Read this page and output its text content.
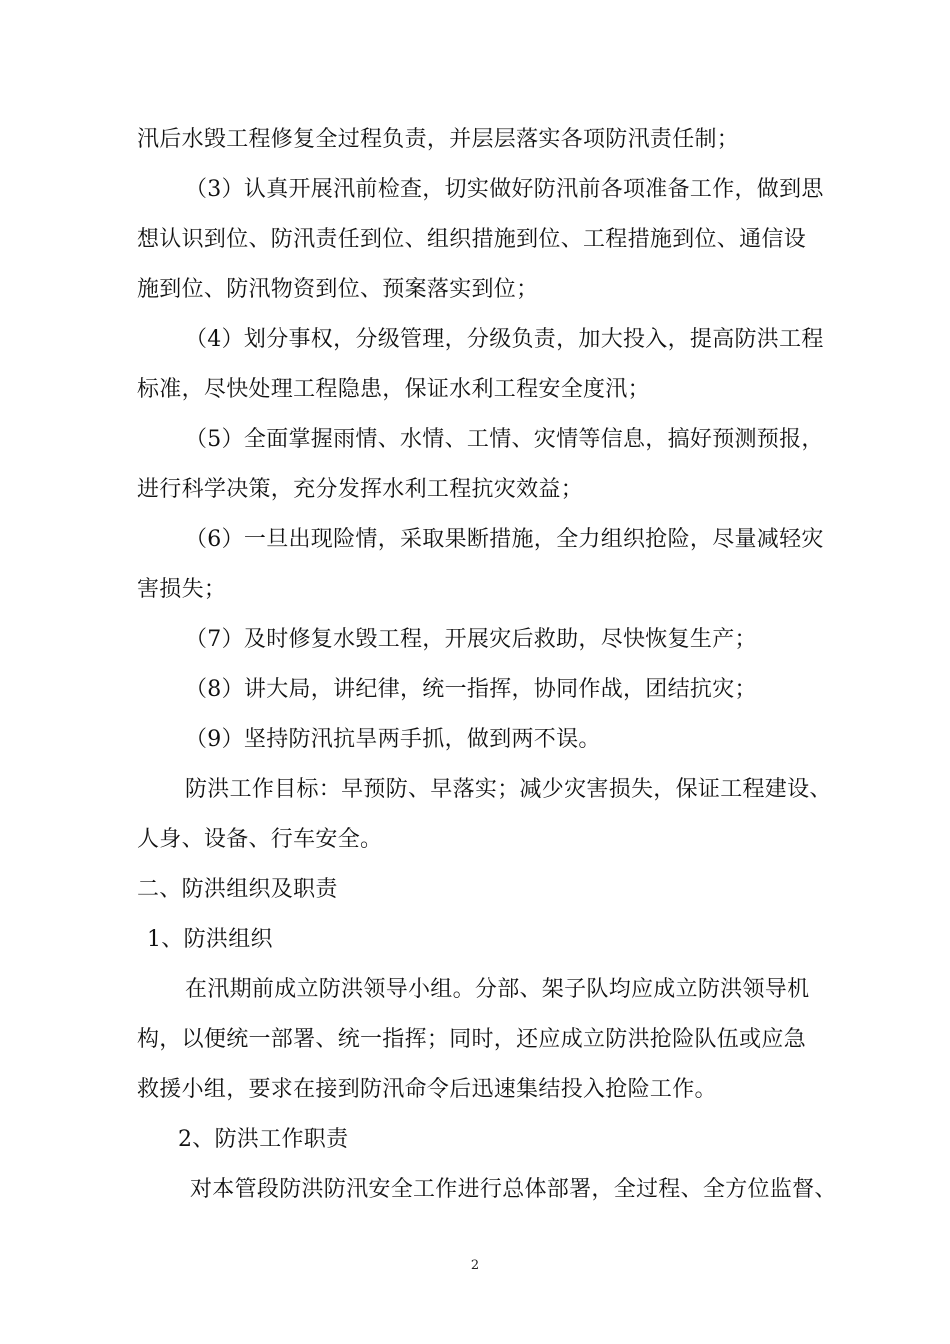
汛后水毁工程修复全过程负责，并层层落实各项防汛责任制；
（3）认真开展汛前检查，切实做好防汛前各项准备工作，做到思
想认识到位、防汛责任到位、组织措施到位、工程措施到位、通信设
施到位、防汛物资到位、预案落实到位；
（4）划分事权，分级管理，分级负责，加大投入，提高防洪工程
标准，尽快处理工程隐患，保证水利工程安全度汛；
（5）全面掌握雨情、水情、工情、灾情等信息，搞好预测预报，
进行科学决策，充分发挥水利工程抗灾效益；
（6）一旦出现险情，采取果断措施，全力组织抢险，尽量减轻灾
害损失；
（7）及时修复水毁工程，开展灾后救助，尽快恢复生产；
（8）讲大局，讲纪律，统一指挥，协同作战，团结抗灾；
（9）坚持防汛抗旱两手抓，做到两不误。
防洪工作目标：早预防、早落实；减少灾害损失，保证工程建设、
人身、设备、行车安全。
二、防洪组织及职责
1、防洪组织
在汛期前成立防洪领导小组。分部、架子队均应成立防洪领导机
构，以便统一部署、统一指挥；同时，还应成立防洪抢险队伍或应急
救援小组，要求在接到防汛命令后迅速集结投入抢险工作。
2、防洪工作职责
对本管段防洪防汛安全工作进行总体部署，全过程、全方位监督、
2
